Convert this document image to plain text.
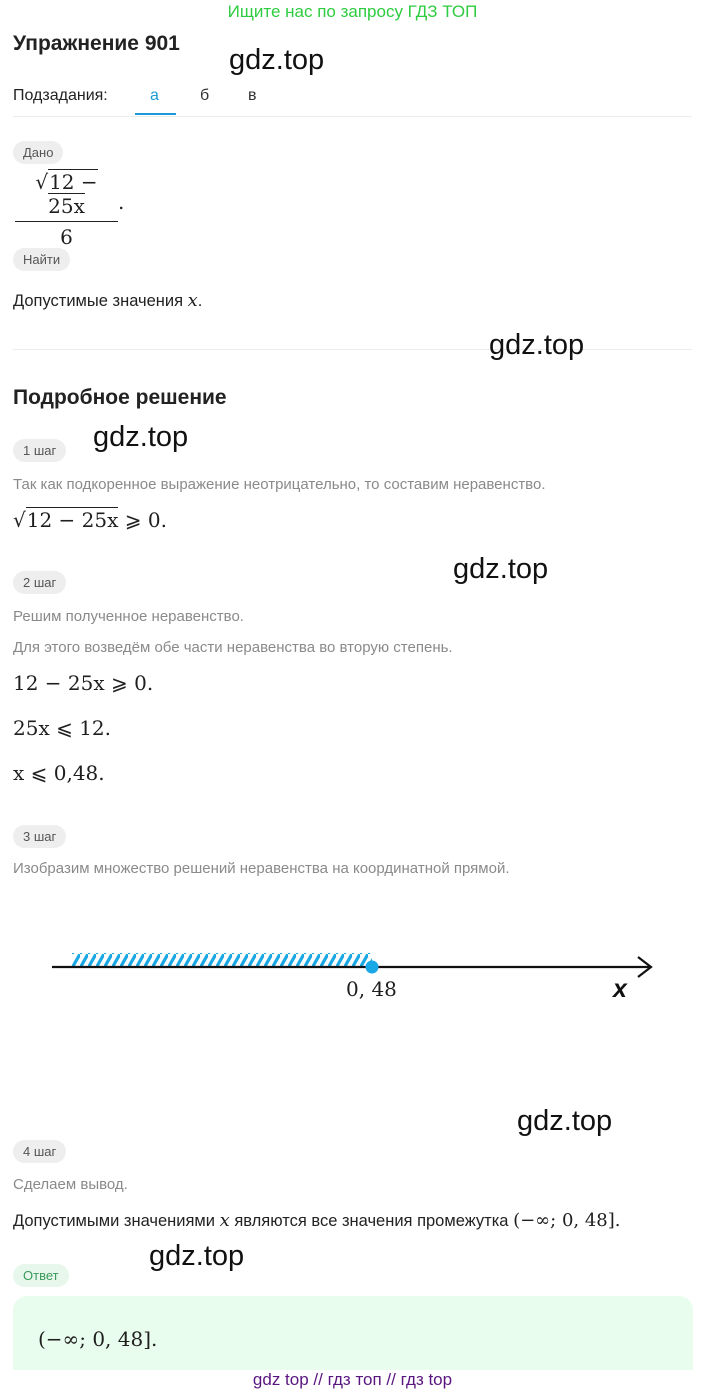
Ищите нас по запросу ГДЗ ТОП
Упражнение 901
gdz.top
Подзадания:	а	б в
Дано
$\frac{√12 - 25x}{6}$ .
Найти
Допустимые значения x.
gdz.top
Подробное решение
gdz.top
1 шаг
Так как подкоренное выражение неотрицательно, то составим неравенство.
√12 − 25x ⩾ 0.
2 шаг	gdz.top
Решим полученное неравенство.
Для этого возведём обе части неравенства во вторую степень.
12 − 25x ⩾ 0.
25x ⩽ 12.
x ⩽ 0,48.
3 шаг
Изобразим множество решений неравенства на координатной прямой.
0, 48	x
gdz.top
4 шаг
Сделаем вывод.
Допустимыми значениями x являются все значения промежутка (−∞; 0, 48].
gdz.top
Ответ
(−∞; 0, 48].
gdz top // гдз топ // гдз top
